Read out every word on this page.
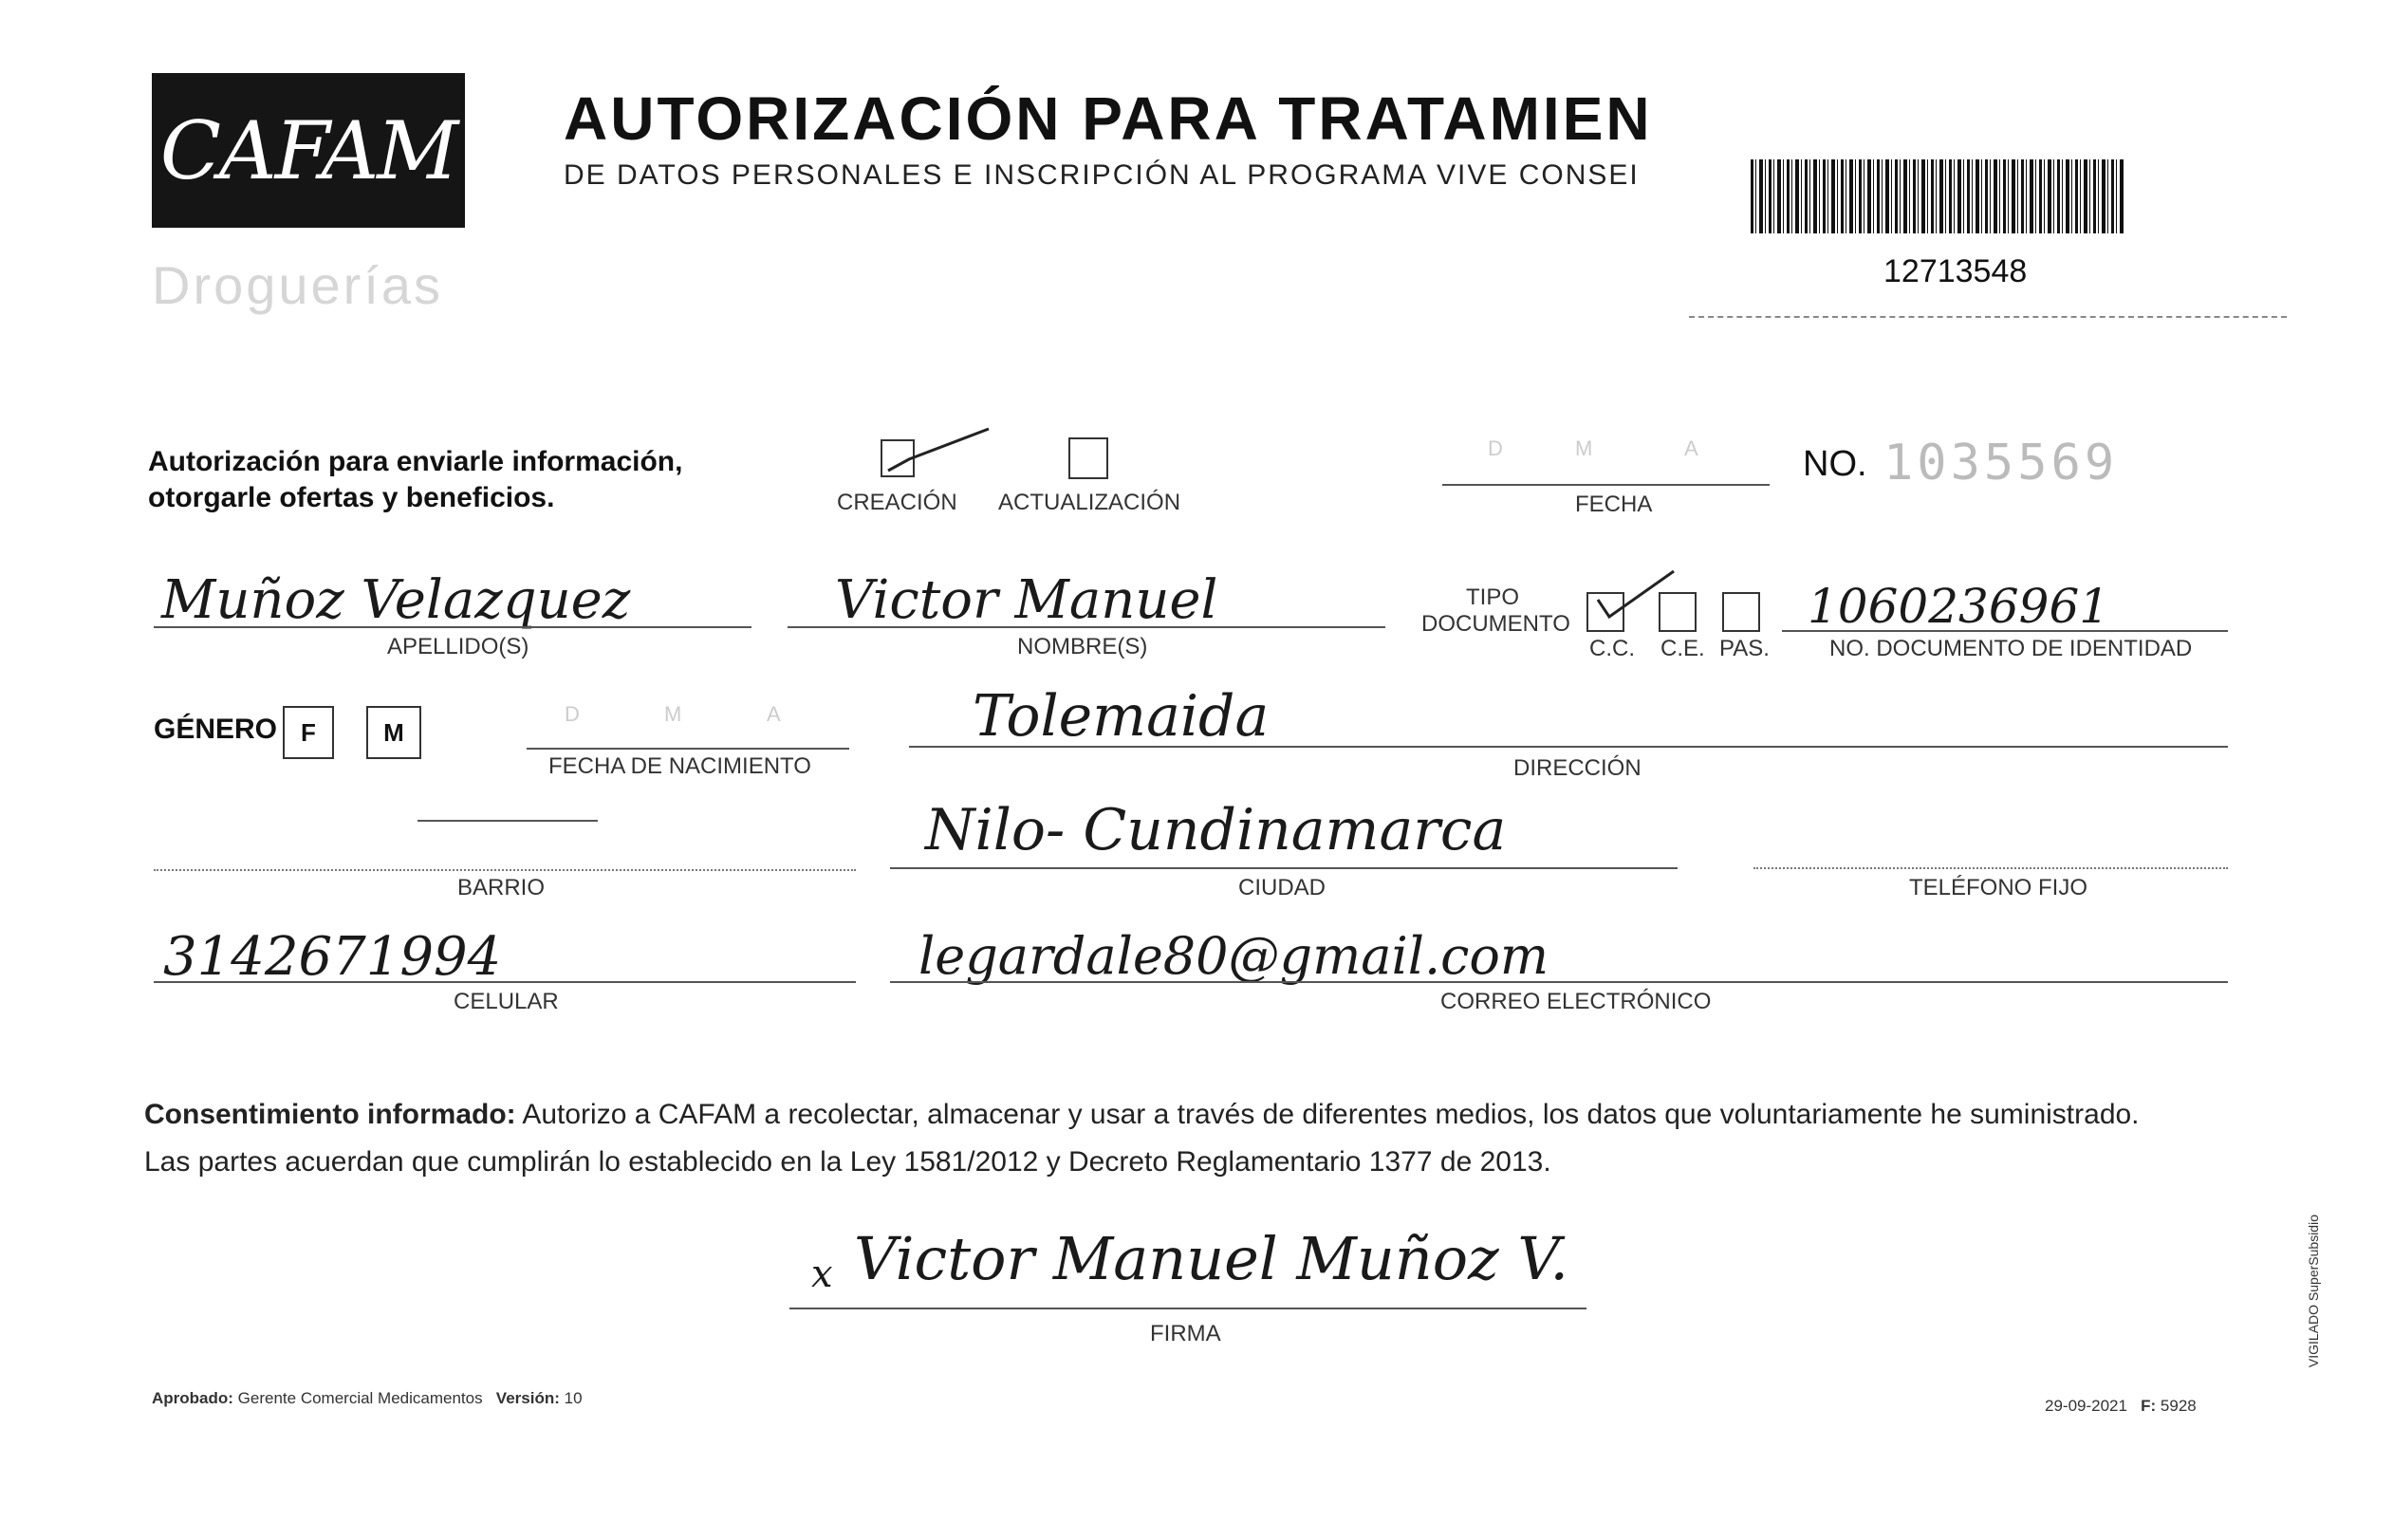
CAFAM
Droguerías
AUTORIZACIÓN PARA TRATAMIEN
DE DATOS PERSONALES E INSCRIPCIÓN AL PROGRAMA VIVE CONSEI
12713548
Autorización para enviarle información,
otorgarle ofertas y beneficios.	CREACIÓN ACTUALIZACIÓN
D	M	A
FECHA
NO. 1035569
Muñoz Velazquez
APELLIDO(S)
Victor Manuel
NOMBRE(S)
TIPO
DOCUMENTO
C.C. C.E. PAS.
1060236961
NO. DOCUMENTO DE IDENTIDAD
GÉNERO F	M
D	M	A
FECHA DE NACIMIENTO
Tolemaida
DIRECCIÓN
BARRIO
Nilo- Cundinamarca
CIUDAD	TELÉFONO FIJO
3142671994
CELULAR
legardale80@gmail.com
CORREO ELECTRÓNICO
Consentimiento informado: Autorizo a CAFAM a recolectar, almacenar y usar a través de diferentes medios, los datos que voluntariamente he suministrado.
Las partes acuerdan que cumplirán lo establecido en la Ley 1581/2012 y Decreto Reglamentario 1377 de 2013.
x Victor Manuel Muñoz V.
FIRMA
Aprobado: Gerente Comercial Medicamentos Versión: 10	29-09-2021 F: 5928
VIGILADO SuperSubsidio
